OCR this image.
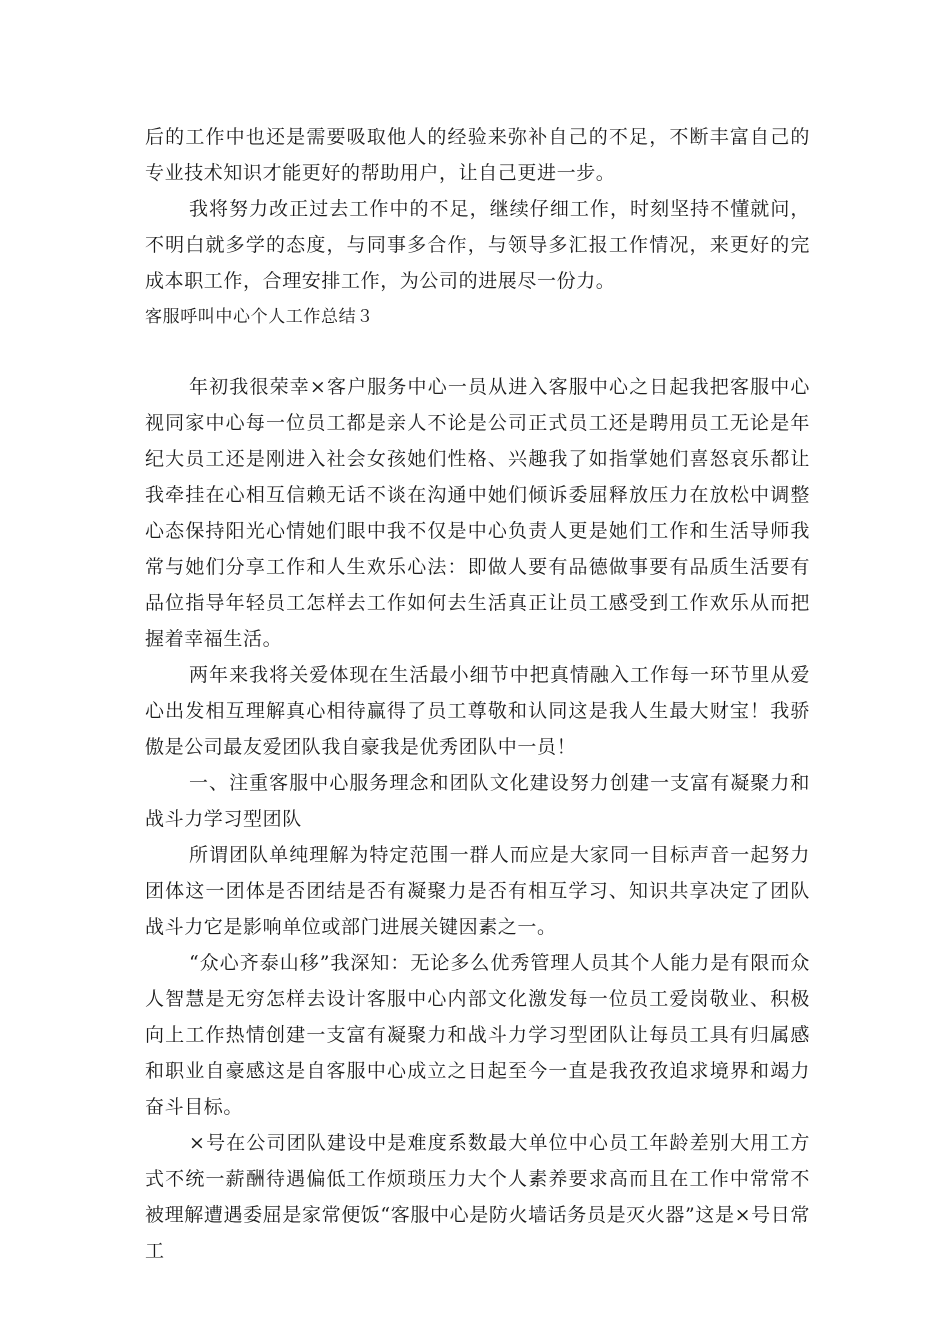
后的工作中也还是需要吸取他人的经验来弥补自己的不足，不断丰富自己的专业技术知识才能更好的帮助用户，让自己更进一步。

我将努力改正过去工作中的不足，继续仔细工作，时刻坚持不懂就问，不明白就多学的态度，与同事多合作，与领导多汇报工作情况，来更好的完成本职工作，合理安排工作，为公司的进展尽一份力。

客服呼叫中心个人工作总结３

年初我很荣幸×客户服务中心一员从进入客服中心之日起我把客服中心视同家中心每一位员工都是亲人不论是公司正式员工还是聘用员工无论是年纪大员工还是刚进入社会女孩她们性格、兴趣我了如指掌她们喜怒哀乐都让我牵挂在心相互信赖无话不谈在沟通中她们倾诉委屈释放压力在放松中调整心态保持阳光心情她们眼中我不仅是中心负责人更是她们工作和生活导师我常与她们分享工作和人生欢乐心法：即做人要有品德做事要有品质生活要有品位指导年轻员工怎样去工作如何去生活真正让员工感受到工作欢乐从而把握着幸福生活。

两年来我将关爱体现在生活最小细节中把真情融入工作每一环节里从爱心出发相互理解真心相待赢得了员工尊敬和认同这是我人生最大财宝！我骄傲是公司最友爱团队我自豪我是优秀团队中一员！

一、注重客服中心服务理念和团队文化建设努力创建一支富有凝聚力和战斗力学习型团队

所谓团队单纯理解为特定范围一群人而应是大家同一目标声音一起努力团体这一团体是否团结是否有凝聚力是否有相互学习、知识共享决定了团队战斗力它是影响单位或部门进展关键因素之一。

“众心齐泰山移”我深知：无论多么优秀管理人员其个人能力是有限而众人智慧是无穷怎样去设计客服中心内部文化激发每一位员工爱岗敬业、积极向上工作热情创建一支富有凝聚力和战斗力学习型团队让每员工具有归属感和职业自豪感这是自客服中心成立之日起至今一直是我孜孜追求境界和竭力奋斗目标。

×号在公司团队建设中是难度系数最大单位中心员工年龄差别大用工方式不统一薪酬待遇偏低工作烦琐压力大个人素养要求高而且在工作中常常不被理解遭遇委屈是家常便饭“客服中心是防火墙话务员是灭火器”这是×号日常工
